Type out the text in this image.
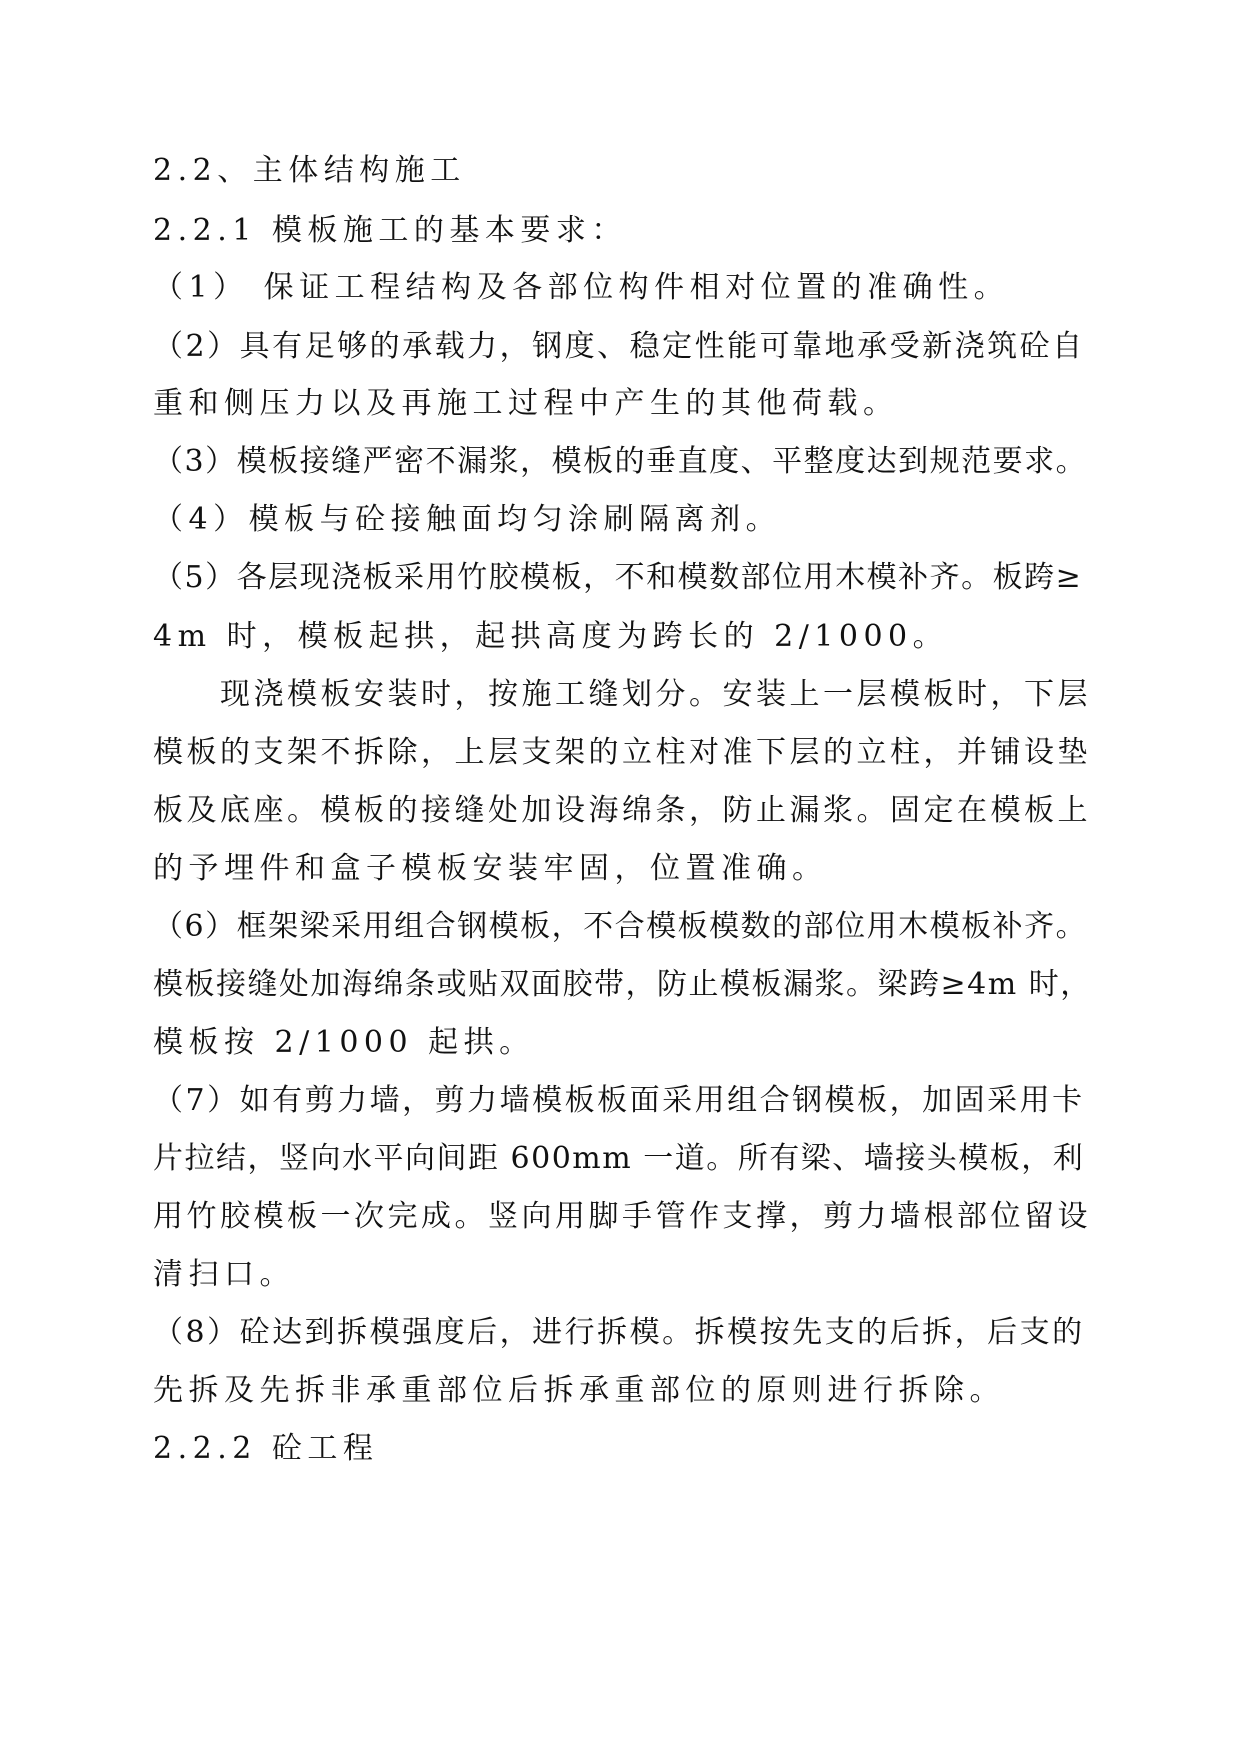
2.2、主体结构施工
2.2.1 模板施工的基本要求：
（1） 保证工程结构及各部位构件相对位置的准确性。
（2）具有足够的承载力，钢度、稳定性能可靠地承受新浇筑砼自
重和侧压力以及再施工过程中产生的其他荷载。
（3）模板接缝严密不漏浆，模板的垂直度、平整度达到规范要求。
（4）模板与砼接触面均匀涂刷隔离剂。
（5）各层现浇板采用竹胶模板，不和模数部位用木模补齐。板跨≥
4m 时，模板起拱，起拱高度为跨长的 2/1000。
现浇模板安装时，按施工缝划分。安装上一层模板时，下层
模板的支架不拆除，上层支架的立柱对准下层的立柱，并铺设垫
板及底座。模板的接缝处加设海绵条，防止漏浆。固定在模板上
的予埋件和盒子模板安装牢固，位置准确。
（6）框架梁采用组合钢模板，不合模板模数的部位用木模板补齐。
模板接缝处加海绵条或贴双面胶带，防止模板漏浆。梁跨≥4m 时，
模板按 2/1000 起拱。
（7）如有剪力墙，剪力墙模板板面采用组合钢模板，加固采用卡
片拉结，竖向水平向间距 600mm 一道。所有梁、墙接头模板，利
用竹胶模板一次完成。竖向用脚手管作支撑，剪力墙根部位留设
清扫口。
（8）砼达到拆模强度后，进行拆模。拆模按先支的后拆，后支的
先拆及先拆非承重部位后拆承重部位的原则进行拆除。
2.2.2 砼工程
